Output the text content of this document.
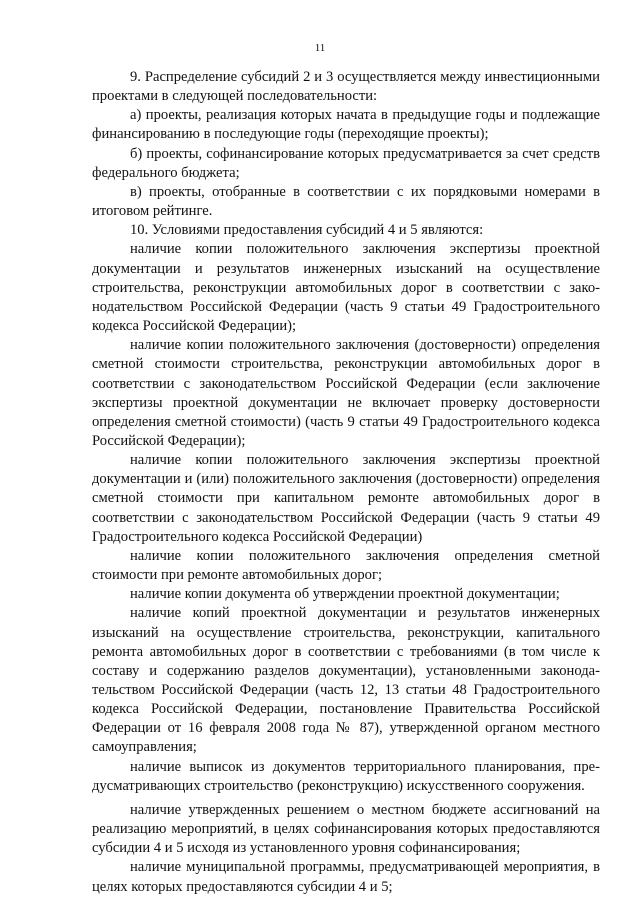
11

9. Распределение субсидий 2 и 3 осуществляется между инвестиционными проектами в следующей последовательности:

а) проекты, реализация которых начата в предыдущие годы и подлежащие финансированию в последующие годы (переходящие проекты);

б) проекты, софинансирование которых предусматривается за счет средств федерального бюджета;

в) проекты, отобранные в соответствии с их порядковыми номерами в итоговом рейтинге.

10. Условиями предоставления субсидий 4 и 5 являются:

наличие копии положительного заключения экспертизы проектной документации и результатов инженерных изысканий на осуществление строительства, реконструкции автомобильных дорог в соответствии с законодательством Российской Федерации (часть 9 статьи 49 Градостроительного кодекса Российской Федерации);

наличие копии положительного заключения (достоверности) определения сметной стоимости строительства, реконструкции автомобильных дорог в соответствии с законодательством Российской Федерации (если заключение экспертизы проектной документации не включает проверку достоверности определения сметной стоимости) (часть 9 статьи 49 Градостроительного кодекса Российской Федерации);

наличие копии положительного заключения экспертизы проектной документации и (или) положительного заключения (достоверности) определения сметной стоимости при капитальном ремонте автомобильных дорог в соответствии с законодательством Российской Федерации (часть 9 статьи 49 Градостроительного кодекса Российской Федерации)

наличие копии положительного заключения определения сметной стоимости при ремонте автомобильных дорог;

наличие копии документа об утверждении проектной документации;

наличие копий проектной документации и результатов инженерных изысканий на осуществление строительства, реконструкции, капитального ремонта автомобильных дорог в соответствии с требованиями (в том числе к составу и содержанию разделов документации), установленными законодательством Российской Федерации (часть 12, 13 статьи 48 Градостроительного кодекса Российской Федерации, постановление Правительства Российской Федерации от 16 февраля 2008 года № 87), утвержденной органом местного самоуправления;

наличие выписок из документов территориального планирования, предусматривающих строительство (реконструкцию) искусственного сооружения.

наличие утвержденных решением о местном бюджете ассигнований на реализацию мероприятий, в целях софинансирования которых предоставляются субсидии 4 и 5 исходя из установленного уровня софинансирования;

наличие муниципальной программы, предусматривающей мероприятия, в целях которых предоставляются субсидии 4 и 5;
